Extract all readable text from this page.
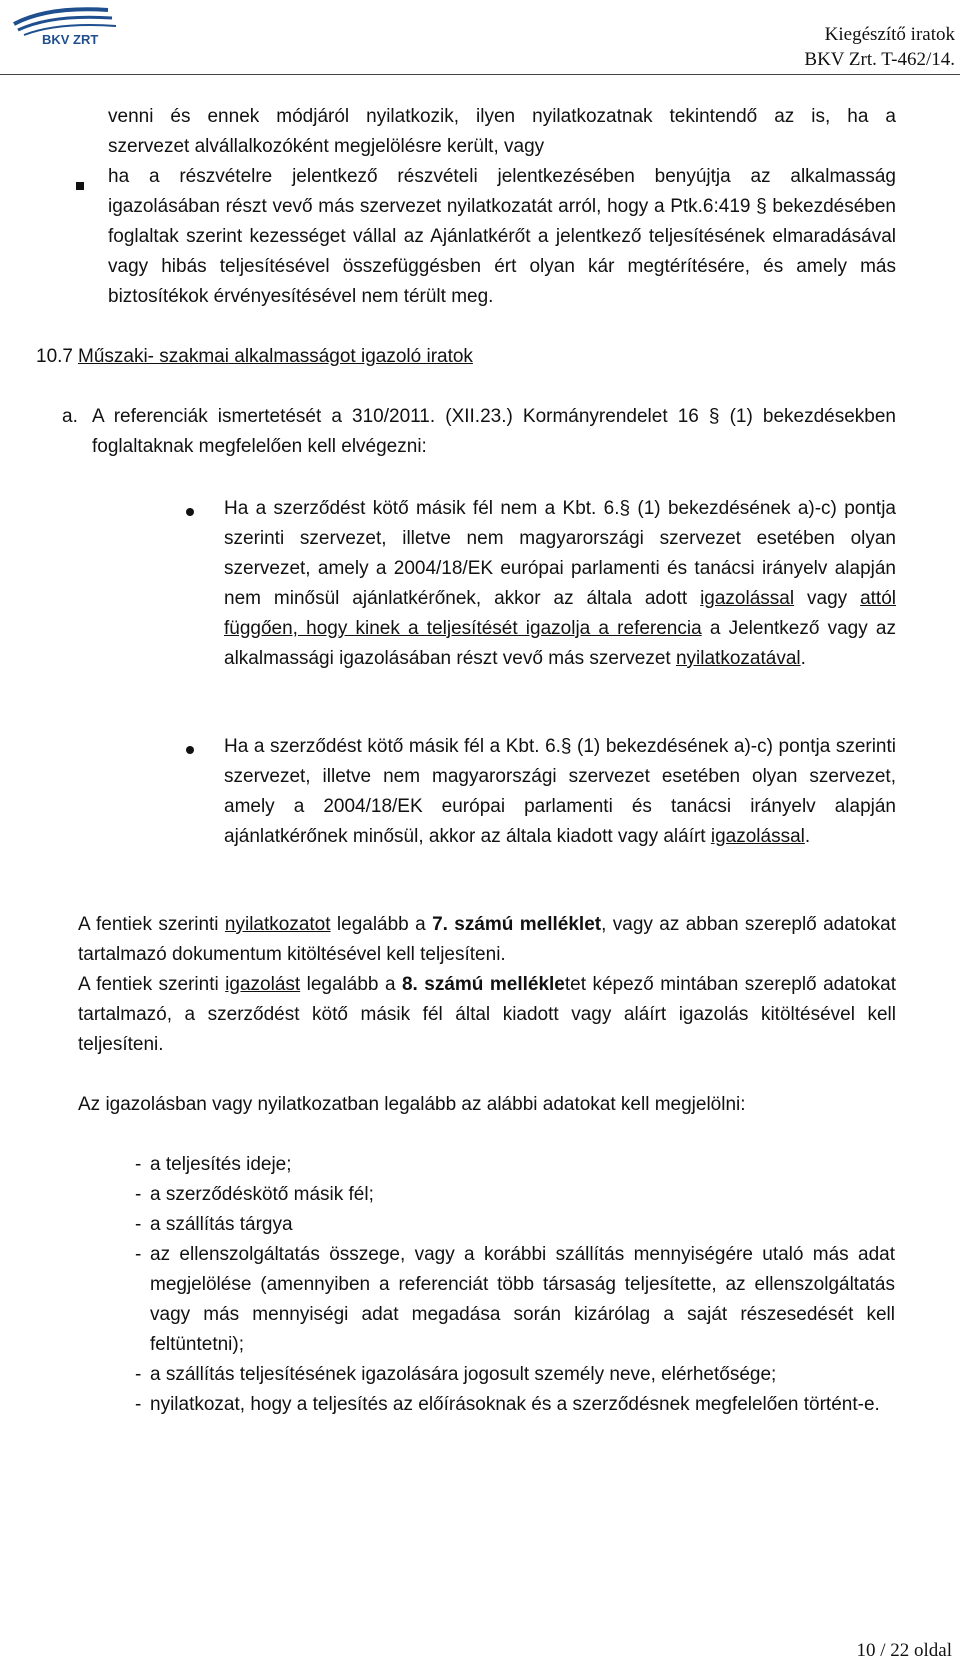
BKV ZRT	Kiegészítő iratok
BKV Zrt. T-462/14.

venni és ennek módjáról nyilatkozik, ilyen nyilatkozatnak tekintendő az is, ha a

szervezet alvállalkozóként megjelölésre került, vagy

ha a részvételre jelentkező részvételi jelentkezésében benyújtja az alkalmasság igazolásában részt vevő más szervezet nyilatkozatát arról, hogy a Ptk.6:419 § bekezdésében foglaltak szerint kezességet vállal az Ajánlatkérőt a jelentkező teljesítésének elmaradásával vagy hibás teljesítésével összefüggésben ért olyan kár megtérítésére, és amely más biztosítékok érvényesítésével nem térült meg.

10.7 Műszaki- szakmai alkalmasságot igazoló iratok
a. A referenciák ismertetését a 310/2011. (XII.23.) Kormányrendelet 16 § (1) bekezdésekben foglaltaknak megfelelően kell elvégezni:

Ha a szerződést kötő másik fél nem a Kbt. 6.§ (1) bekezdésének a)-c) pontja szerinti szervezet, illetve nem magyarországi szervezet esetében olyan szervezet, amely a 2004/18/EK európai parlamenti és tanácsi irányelv alapján nem minősül ajánlatkérőnek, akkor az általa adott igazolással vagy attól függően, hogy kinek a teljesítését igazolja a referencia a Jelentkező vagy az alkalmassági igazolásában részt vevő más szervezet nyilatkozatával.

Ha a szerződést kötő másik fél a Kbt. 6.§ (1) bekezdésének a)-c) pontja szerinti szervezet, illetve nem magyarországi szervezet esetében olyan szervezet, amely a 2004/18/EK európai parlamenti és tanácsi irányelv alapján ajánlatkérőnek minősül, akkor az általa kiadott vagy aláírt igazolással.

A fentiek szerinti nyilatkozatot legalább a 7. számú melléklet, vagy az abban szereplő adatokat tartalmazó dokumentum kitöltésével kell teljesíteni.

A fentiek szerinti igazolást legalább a 8. számú mellékletet képező mintában szereplő adatokat tartalmazó, a szerződést kötő másik fél által kiadott vagy aláírt igazolás kitöltésével kell teljesíteni.

Az igazolásban vagy nyilatkozatban legalább az alábbi adatokat kell megjelölni:

- a teljesítés ideje;
- a szerződéskötő másik fél;
- a szállítás tárgya
- az ellenszolgáltatás összege, vagy a korábbi szállítás mennyiségére utaló más adat megjelölése (amennyiben a referenciát több társaság teljesítette, az ellenszolgáltatás vagy más mennyiségi adat megadása során kizárólag a saját részesedését kell feltüntetni);
- a szállítás teljesítésének igazolására jogosult személy neve, elérhetősége;
- nyilatkozat, hogy a teljesítés az előírásoknak és a szerződésnek megfelelően történt-e.
10 / 22 oldal
